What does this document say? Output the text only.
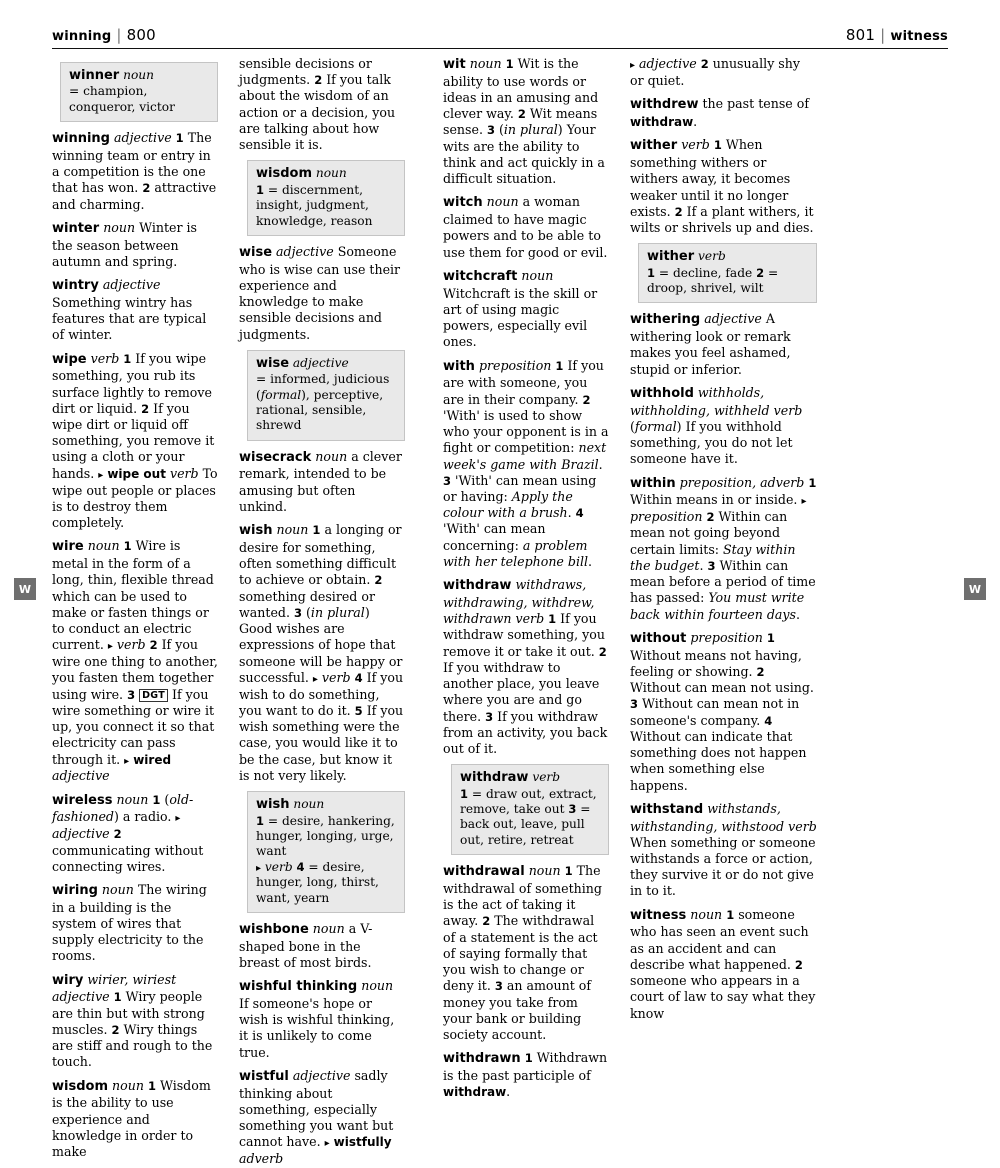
winning | 800	801 | witness
W	W
winner noun
= champion, conqueror, victor
winning adjective 1 The winning team or entry in a competition is the one that has won. 2 attractive and charming.
winter noun Winter is the season between autumn and spring.
wintry adjective Something wintry has features that are typical of winter.
wipe verb 1 If you wipe something, you rub its surface lightly to remove dirt or liquid. 2 If you wipe dirt or liquid off something, you remove it using a cloth or your hands. ▸ wipe out verb To wipe out people or places is to destroy them completely.
wire noun 1 Wire is metal in the form of a long, thin, flexible thread which can be used to make or fasten things or to conduct an electric current. ▸ verb 2 If you wire one thing to another, you fasten them together using wire. 3 DGT If you wire something or wire it up, you connect it so that electricity can pass through it. ▸ wired adjective
wireless noun 1 (old-fashioned) a radio. ▸ adjective 2 communicating without connecting wires.
wiring noun The wiring in a building is the system of wires that supply electricity to the rooms.
wiry wirier, wiriest adjective 1 Wiry people are thin but with strong muscles. 2 Wiry things are stiff and rough to the touch.
wisdom noun 1 Wisdom is the ability to use experience and knowledge in order to make
sensible decisions or judgments. 2 If you talk about the wisdom of an action or a decision, you are talking about how sensible it is.
wisdom noun
1 = discernment, insight, judgment, knowledge, reason
wise adjective Someone who is wise can use their experience and knowledge to make sensible decisions and judgments.
wise adjective
= informed, judicious (formal), perceptive, rational, sensible, shrewd
wisecrack noun a clever remark, intended to be amusing but often unkind.
wish noun 1 a longing or desire for something, often something difficult to achieve or obtain. 2 something desired or wanted. 3 (in plural) Good wishes are expressions of hope that someone will be happy or successful. ▸ verb 4 If you wish to do something, you want to do it. 5 If you wish something were the case, you would like it to be the case, but know it is not very likely.
wish noun
1 = desire, hankering, hunger, longing, urge, want
▸ verb 4 = desire, hunger, long, thirst, want, yearn
wishbone noun a V-shaped bone in the breast of most birds.
wishful thinking noun If someone's hope or wish is wishful thinking, it is unlikely to come true.
wistful adjective sadly thinking about something, especially something you want but cannot have. ▸ wistfully adverb
wit noun 1 Wit is the ability to use words or ideas in an amusing and clever way. 2 Wit means sense. 3 (in plural) Your wits are the ability to think and act quickly in a difficult situation.
witch noun a woman claimed to have magic powers and to be able to use them for good or evil.
witchcraft noun Witchcraft is the skill or art of using magic powers, especially evil ones.
with preposition 1 If you are with someone, you are in their company. 2 'With' is used to show who your opponent is in a fight or competition: next week's game with Brazil. 3 'With' can mean using or having: Apply the colour with a brush. 4 'With' can mean concerning: a problem with her telephone bill.
withdraw withdraws, withdrawing, withdrew, withdrawn verb 1 If you withdraw something, you remove it or take it out. 2 If you withdraw to another place, you leave where you are and go there. 3 If you withdraw from an activity, you back out of it.
withdraw verb
1 = draw out, extract, remove, take out 3 = back out, leave, pull out, retire, retreat
withdrawal noun 1 The withdrawal of something is the act of taking it away. 2 The withdrawal of a statement is the act of saying formally that you wish to change or deny it. 3 an amount of money you take from your bank or building society account.
withdrawn 1 Withdrawn is the past participle of withdraw.
▸ adjective 2 unusually shy or quiet.
withdrew the past tense of withdraw.
wither verb 1 When something withers or withers away, it becomes weaker until it no longer exists. 2 If a plant withers, it wilts or shrivels up and dies.
wither verb
1 = decline, fade 2 = droop, shrivel, wilt
withering adjective A withering look or remark makes you feel ashamed, stupid or inferior.
withhold withholds, withholding, withheld verb (formal) If you withhold something, you do not let someone have it.
within preposition, adverb 1 Within means in or inside. ▸ preposition 2 Within can mean not going beyond certain limits: Stay within the budget. 3 Within can mean before a period of time has passed: You must write back within fourteen days.
without preposition 1 Without means not having, feeling or showing. 2 Without can mean not using. 3 Without can mean not in someone's company. 4 Without can indicate that something does not happen when something else happens.
withstand withstands, withstanding, withstood verb When something or someone withstands a force or action, they survive it or do not give in to it.
witness noun 1 someone who has seen an event such as an accident and can describe what happened. 2 someone who appears in a court of law to say what they know
